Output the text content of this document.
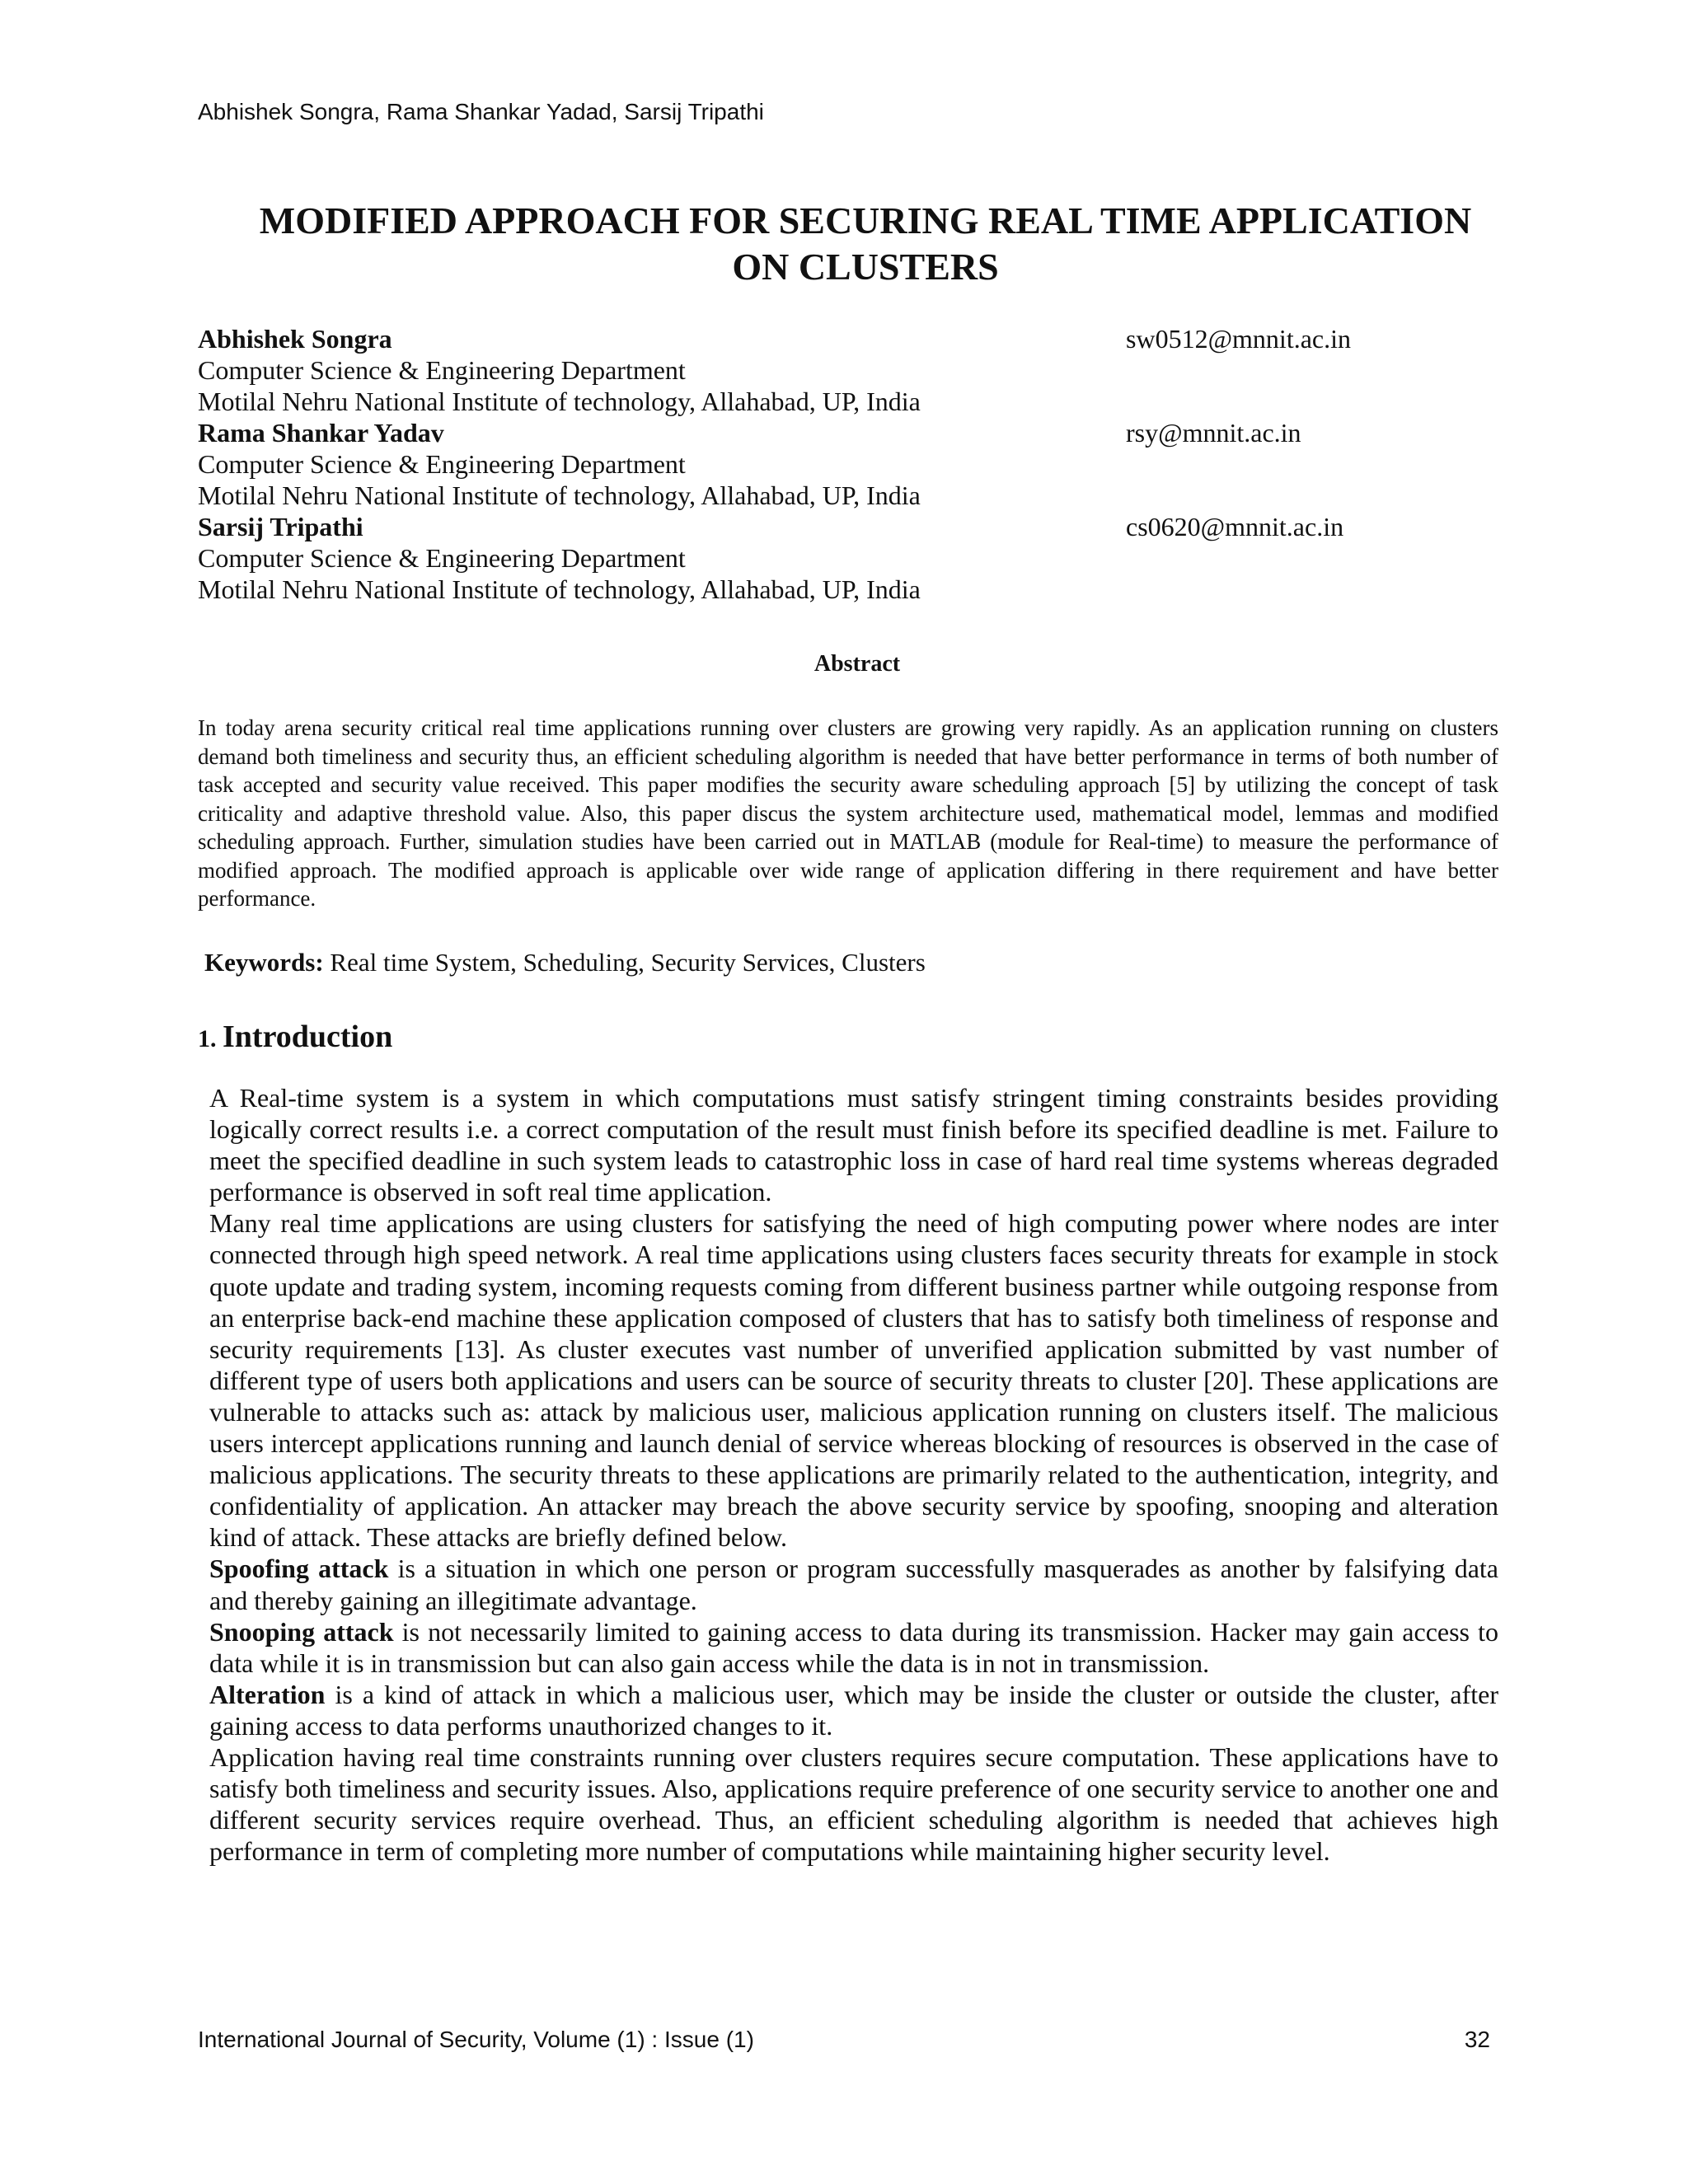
Abhishek Songra, Rama Shankar Yadad, Sarsij Tripathi
MODIFIED APPROACH FOR SECURING REAL TIME APPLICATION
ON CLUSTERS
Abhishek Songra
Computer Science & Engineering Department
Motilal Nehru National Institute of technology, Allahabad, UP, India
sw0512@mnnit.ac.in
Rama Shankar Yadav
Computer Science & Engineering Department
Motilal Nehru National Institute of technology, Allahabad, UP, India
rsy@mnnit.ac.in
Sarsij Tripathi
Computer Science & Engineering Department
Motilal Nehru National Institute of technology, Allahabad, UP, India
cs0620@mnnit.ac.in
Abstract

In today arena security critical real time applications running over clusters are growing very rapidly. As an application running on clusters demand both timeliness and security thus, an efficient scheduling algorithm is needed that have better performance in terms of both number of task accepted and security value received. This paper modifies the security aware scheduling approach [5] by utilizing the concept of task criticality and adaptive threshold value. Also, this paper discus the system architecture used, mathematical model, lemmas and modified scheduling approach. Further, simulation studies have been carried out in MATLAB (module for Real-time) to measure the performance of modified approach. The modified approach is applicable over wide range of application differing in there requirement and have better performance.

Keywords: Real time System, Scheduling, Security Services, Clusters

1. Introduction

A Real-time system is a system in which computations must satisfy stringent timing constraints besides providing logically correct results i.e. a correct computation of the result must finish before its specified deadline is met. Failure to meet the specified deadline in such system leads to catastrophic loss in case of hard real time systems whereas degraded performance is observed in soft real time application.

Many real time applications are using clusters for satisfying the need of high computing power where nodes are inter connected through high speed network. A real time applications using clusters faces security threats for example in stock quote update and trading system, incoming requests coming from different business partner while outgoing response from an enterprise back-end machine these application composed of clusters that has to satisfy both timeliness of response and security requirements [13]. As cluster executes vast number of unverified application submitted by vast number of different type of users both applications and users can be source of security threats to cluster [20]. These applications are vulnerable to attacks such as: attack by malicious user, malicious application running on clusters itself. The malicious users intercept applications running and launch denial of service whereas blocking of resources is observed in the case of malicious applications. The security threats to these applications are primarily related to the authentication, integrity, and confidentiality of application. An attacker may breach the above security service by spoofing, snooping and alteration kind of attack. These attacks are briefly defined below.

Spoofing attack is a situation in which one person or program successfully masquerades as another by falsifying data and thereby gaining an illegitimate advantage.

Snooping attack is not necessarily limited to gaining access to data during its transmission. Hacker may gain access to data while it is in transmission but can also gain access while the data is in not in transmission.

Alteration is a kind of attack in which a malicious user, which may be inside the cluster or outside the cluster, after gaining access to data performs unauthorized changes to it.

Application having real time constraints running over clusters requires secure computation. These applications have to satisfy both timeliness and security issues. Also, applications require preference of one security service to another one and different security services require overhead. Thus, an efficient scheduling algorithm is needed that achieves high performance in term of completing more number of computations while maintaining higher security level.

International Journal of Security, Volume (1) : Issue (1)	32
